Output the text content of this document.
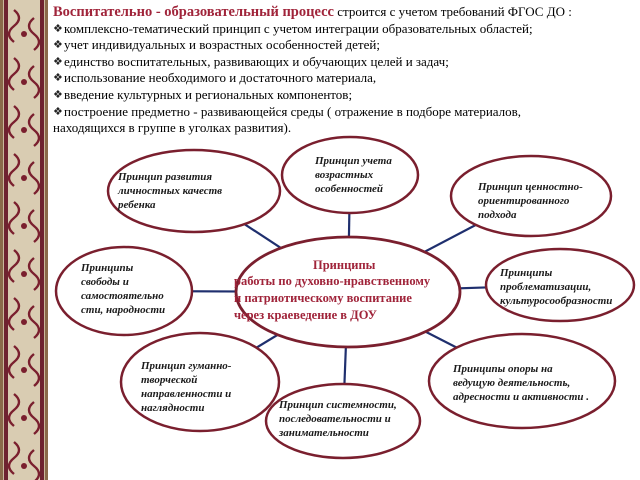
Воспитательно - образовательный процесс строится с учетом требований ФГОС ДО :

❖ комплексно-тематический принцип с учетом интеграции образовательных областей;
❖ учет индивидуальных и возрастных особенностей детей;
❖ единство воспитательных, развивающих и обучающих целей и задач;
❖ использование необходимого и достаточного материала,
❖ введение культурных и региональных компонентов;
❖ построение предметно - развивающейся среды ( отражение в подборе материалов,

находящихся в группе в уголках развития).

Принцип развития
личностных качеств
ребенка
Принцип учета
возрастных
особенностей	Принцип ценностно-
ориентированного
подхода
Принципы
свободы и
самостоятельно
сти, народности
Принципы
проблематизации,
культуросообразности
Принцип гуманно-
творческой
направленности и
наглядности	Принцип системности,
последовательности и
занимательности
Принципы опоры на
ведущую деятельность,
адресности и активности .
Принципы
работы по духовно-нравственному
и патриотическому воспитание
через краеведение в ДОУ
